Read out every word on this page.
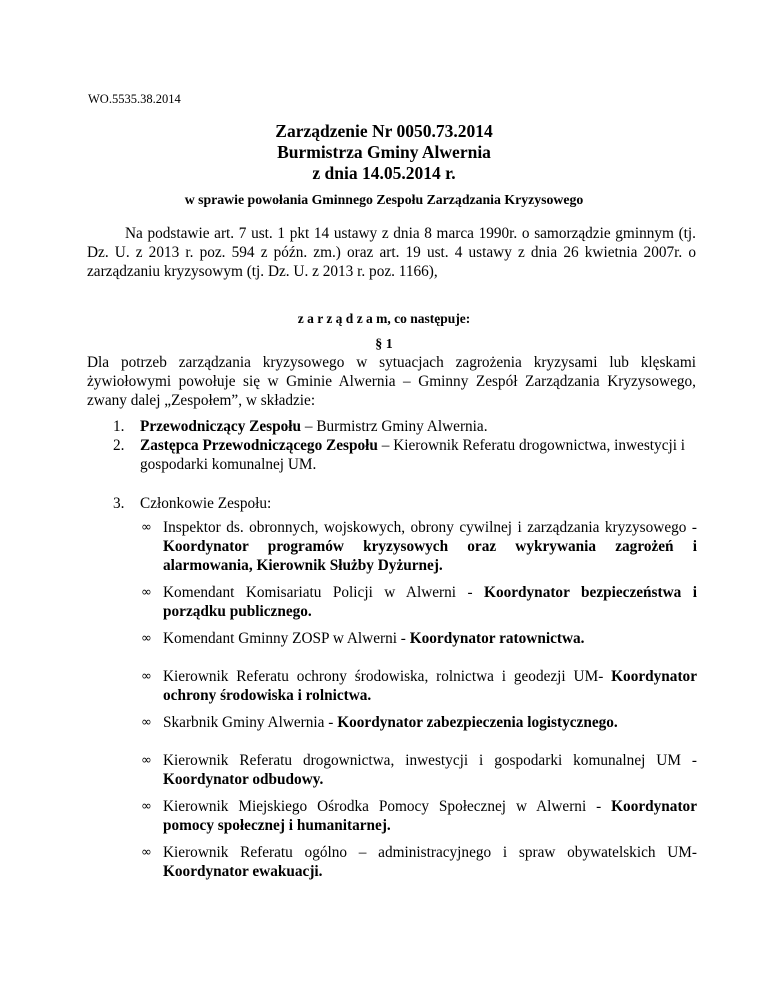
WO.5535.38.2014
Zarządzenie Nr 0050.73.2014
Burmistrza Gminy Alwernia
z dnia 14.05.2014 r.
w sprawie powołania Gminnego Zespołu Zarządzania Kryzysowego

Na podstawie art. 7 ust. 1 pkt 14 ustawy z dnia 8 marca 1990r. o samorządzie gminnym (tj. Dz. U. z 2013 r. poz. 594 z późn. zm.) oraz art. 19 ust. 4 ustawy z dnia 26 kwietnia 2007r. o zarządzaniu kryzysowym (tj. Dz. U. z 2013 r. poz. 1166),

z a r z ą d z a m, co następuje:
§ 1

Dla potrzeb zarządzania kryzysowego w sytuacjach zagrożenia kryzysami lub klęskami żywiołowymi powołuje się w Gminie Alwernia – Gminny Zespół Zarządzania Kryzysowego, zwany dalej „Zespołem”, w składzie:

1. Przewodniczący Zespołu – Burmistrz Gminy Alwernia.
2. Zastępca Przewodniczącego Zespołu – Kierownik Referatu drogownictwa, inwestycji i gospodarki komunalnej UM.
3. Członkowie Zespołu:
∞ Inspektor ds. obronnych, wojskowych, obrony cywilnej i zarządzania kryzysowego - Koordynator programów kryzysowych oraz wykrywania zagrożeń i alarmowania, Kierownik Służby Dyżurnej.
∞ Komendant Komisariatu Policji w Alwerni - Koordynator bezpieczeństwa i porządku publicznego.
∞ Komendant Gminny ZOSP w Alwerni - Koordynator ratownictwa.
∞ Kierownik Referatu ochrony środowiska, rolnictwa i geodezji UM- Koordynator ochrony środowiska i rolnictwa.
∞ Skarbnik Gminy Alwernia - Koordynator zabezpieczenia logistycznego.
∞ Kierownik Referatu drogownictwa, inwestycji i gospodarki komunalnej UM - Koordynator odbudowy.
∞ Kierownik Miejskiego Ośrodka Pomocy Społecznej w Alwerni - Koordynator pomocy społecznej i humanitarnej.
∞ Kierownik Referatu ogólno – administracyjnego i spraw obywatelskich UM-Koordynator ewakuacji.
